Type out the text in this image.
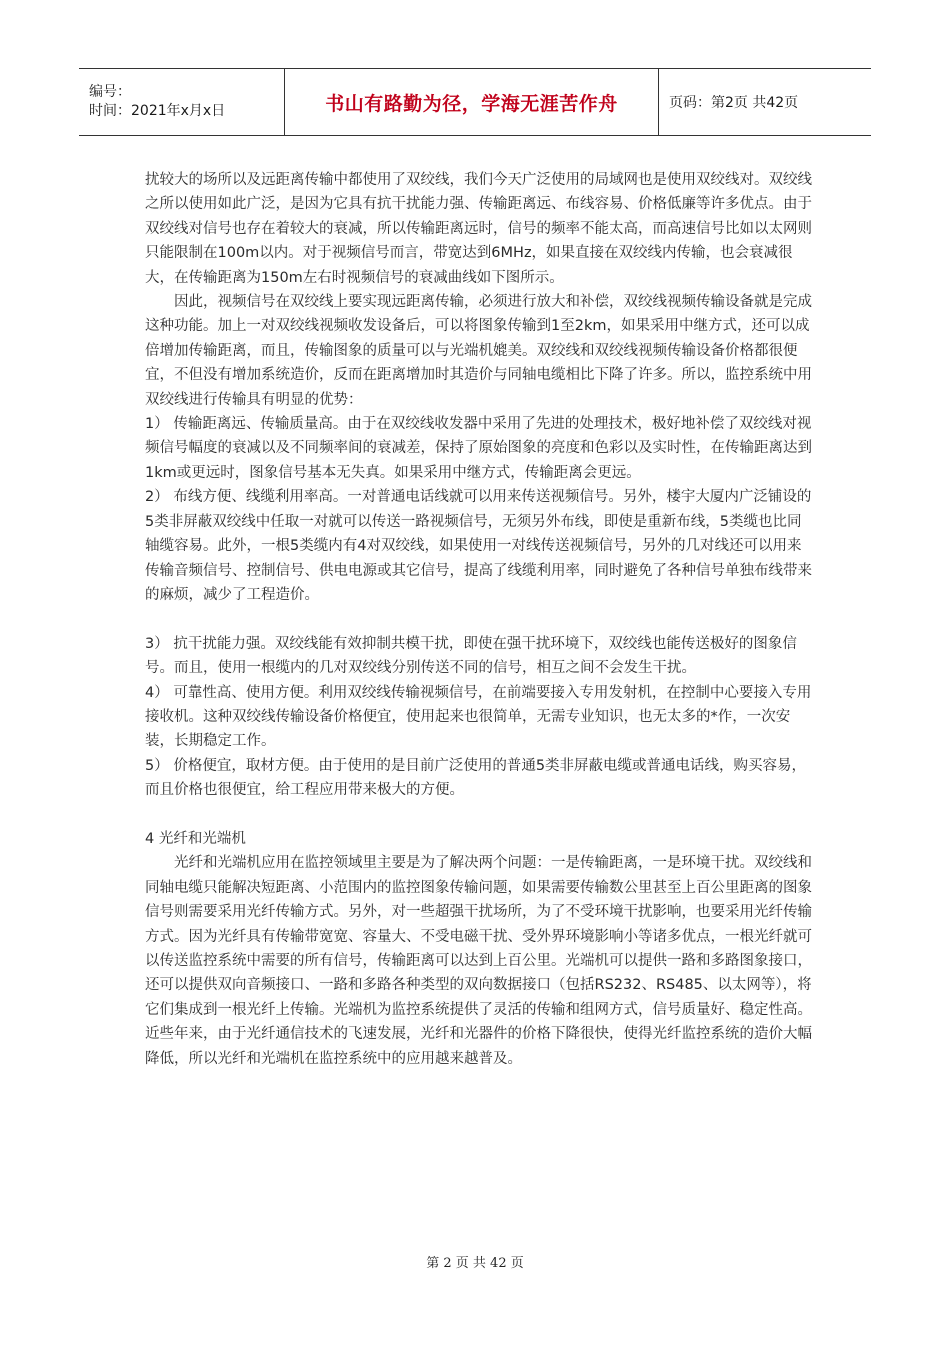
编号：
时间：2021年x月x日	书山有路勤为径，学海无涯苦作舟	页码：第2页 共42页

扰较大的场所以及远距离传输中都使用了双绞线，我们今天广泛使用的局域网也是使用双绞线对。双绞线之所以使用如此广泛，是因为它具有抗干扰能力强、传输距离远、布线容易、价格低廉等许多优点。由于双绞线对信号也存在着较大的衰减，所以传输距离远时，信号的频率不能太高，而高速信号比如以太网则只能限制在100m以内。对于视频信号而言，带宽达到6MHz，如果直接在双绞线内传输，也会衰减很大，在传输距离为150m左右时视频信号的衰减曲线如下图所示。

因此，视频信号在双绞线上要实现远距离传输，必须进行放大和补偿，双绞线视频传输设备就是完成这种功能。加上一对双绞线视频收发设备后，可以将图象传输到1至2km，如果采用中继方式，还可以成倍增加传输距离，而且，传输图象的质量可以与光端机媲美。双绞线和双绞线视频传输设备价格都很便宜，不但没有增加系统造价，反而在距离增加时其造价与同轴电缆相比下降了许多。所以，监控系统中用双绞线进行传输具有明显的优势：

1） 传输距离远、传输质量高。由于在双绞线收发器中采用了先进的处理技术，极好地补偿了双绞线对视频信号幅度的衰减以及不同频率间的衰减差，保持了原始图象的亮度和色彩以及实时性，在传输距离达到1km或更远时，图象信号基本无失真。如果采用中继方式，传输距离会更远。

2） 布线方便、线缆利用率高。一对普通电话线就可以用来传送视频信号。另外，楼宇大厦内广泛铺设的5类非屏蔽双绞线中任取一对就可以传送一路视频信号，无须另外布线，即使是重新布线，5类缆也比同轴缆容易。此外，一根5类缆内有4对双绞线，如果使用一对线传送视频信号，另外的几对线还可以用来传输音频信号、控制信号、供电电源或其它信号，提高了线缆利用率，同时避免了各种信号单独布线带来的麻烦，减少了工程造价。

3） 抗干扰能力强。双绞线能有效抑制共模干扰，即使在强干扰环境下，双绞线也能传送极好的图象信号。而且，使用一根缆内的几对双绞线分别传送不同的信号，相互之间不会发生干扰。

4） 可靠性高、使用方便。利用双绞线传输视频信号，在前端要接入专用发射机，在控制中心要接入专用接收机。这种双绞线传输设备价格便宜，使用起来也很简单，无需专业知识，也无太多的*作，一次安装，长期稳定工作。

5） 价格便宜，取材方便。由于使用的是目前广泛使用的普通5类非屏蔽电缆或普通电话线，购买容易，而且价格也很便宜，给工程应用带来极大的方便。

4 光纤和光端机

光纤和光端机应用在监控领域里主要是为了解决两个问题：一是传输距离，一是环境干扰。双绞线和同轴电缆只能解决短距离、小范围内的监控图象传输问题，如果需要传输数公里甚至上百公里距离的图象信号则需要采用光纤传输方式。另外，对一些超强干扰场所，为了不受环境干扰影响，也要采用光纤传输方式。因为光纤具有传输带宽宽、容量大、不受电磁干扰、受外界环境影响小等诸多优点，一根光纤就可以传送监控系统中需要的所有信号，传输距离可以达到上百公里。光端机可以提供一路和多路图象接口，还可以提供双向音频接口、一路和多路各种类型的双向数据接口（包括RS232、RS485、以太网等），将它们集成到一根光纤上传输。光端机为监控系统提供了灵活的传输和组网方式，信号质量好、稳定性高。近些年来，由于光纤通信技术的飞速发展，光纤和光器件的价格下降很快，使得光纤监控系统的造价大幅降低，所以光纤和光端机在监控系统中的应用越来越普及。

第 2 页 共 42 页
